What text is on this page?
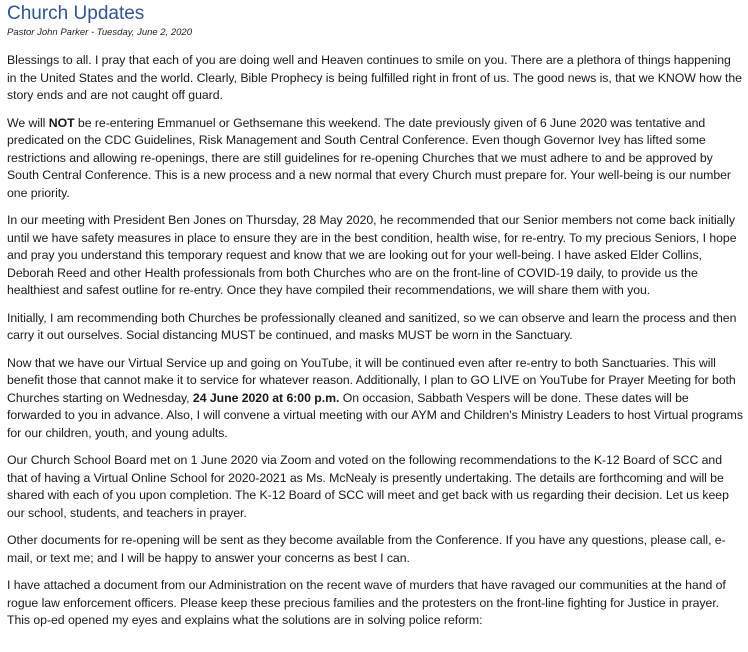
Church Updates

Pastor John Parker - Tuesday, June 2, 2020

Blessings to all. I pray that each of you are doing well and Heaven continues to smile on you. There are a plethora of things happening in the United States and the world. Clearly, Bible Prophecy is being fulfilled right in front of us. The good news is, that we KNOW how the story ends and are not caught off guard.

We will NOT be re-entering Emmanuel or Gethsemane this weekend. The date previously given of 6 June 2020 was tentative and predicated on the CDC Guidelines, Risk Management and South Central Conference. Even though Governor Ivey has lifted some restrictions and allowing re-openings, there are still guidelines for re-opening Churches that we must adhere to and be approved by South Central Conference. This is a new process and a new normal that every Church must prepare for. Your well-being is our number one priority.

In our meeting with President Ben Jones on Thursday, 28 May 2020, he recommended that our Senior members not come back initially until we have safety measures in place to ensure they are in the best condition, health wise, for re-entry. To my precious Seniors, I hope and pray you understand this temporary request and know that we are looking out for your well-being. I have asked Elder Collins, Deborah Reed and other Health professionals from both Churches who are on the front-line of COVID-19 daily, to provide us the healthiest and safest outline for re-entry. Once they have compiled their recommendations, we will share them with you.

Initially, I am recommending both Churches be professionally cleaned and sanitized, so we can observe and learn the process and then carry it out ourselves. Social distancing MUST be continued, and masks MUST be worn in the Sanctuary.

Now that we have our Virtual Service up and going on YouTube, it will be continued even after re-entry to both Sanctuaries. This will benefit those that cannot make it to service for whatever reason. Additionally, I plan to GO LIVE on YouTube for Prayer Meeting for both Churches starting on Wednesday, 24 June 2020 at 6:00 p.m. On occasion, Sabbath Vespers will be done. These dates will be forwarded to you in advance. Also, I will convene a virtual meeting with our AYM and Children's Ministry Leaders to host Virtual programs for our children, youth, and young adults.

Our Church School Board met on 1 June 2020 via Zoom and voted on the following recommendations to the K-12 Board of SCC and that of having a Virtual Online School for 2020-2021 as Ms. McNealy is presently undertaking. The details are forthcoming and will be shared with each of you upon completion. The K-12 Board of SCC will meet and get back with us regarding their decision. Let us keep our school, students, and teachers in prayer.

Other documents for re-opening will be sent as they become available from the Conference. If you have any questions, please call, e-mail, or text me; and I will be happy to answer your concerns as best I can.

I have attached a document from our Administration on the recent wave of murders that have ravaged our communities at the hand of rogue law enforcement officers. Please keep these precious families and the protesters on the front-line fighting for Justice in prayer. This op-ed opened my eyes and explains what the solutions are in solving police reform:
